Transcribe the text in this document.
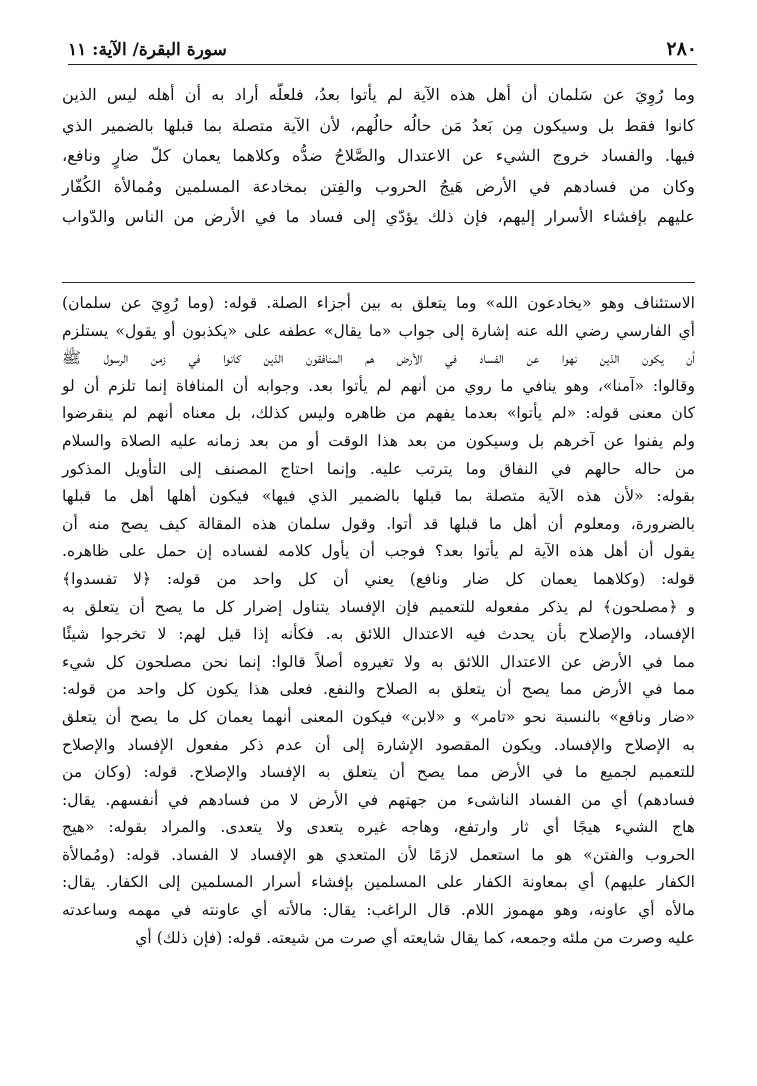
٢٨٠
سورة البقرة/ الآية: ١١

وما رُوِيَ عن سَلمان أن أهل هذه الآية لم يأتوا بعدُ، فلعلّه أراد به أن أهله ليس الذين

كانوا فقط بل وسيكون مِن بَعدُ مَن حالُه حالُهم، لأن الآية متصلة بما قبلها بالضمير الذي

فيها. والفساد خروج الشيء عن الاعتدال والصَّلاحُ ضدُّه وكلاهما يعمان كلّ ضارٍ ونافع،

وكان من فسادهم في الأرض هَيجُ الحروب والفِتن بمخادعة المسلمين ومُمالأة الكُفّار

عليهم بإفشاء الأسرار إليهم، فإن ذلك يؤدّي إلى فساد ما في الأرض من الناس والدّواب

الاستئناف وهو «يخادعون الله» وما يتعلق به بين أجزاء الصلة. قوله: (وما رُوِيَ عن سلمان)

أي الفارسي رضي الله عنه إشارة إلى جواب «ما يقال» عطفه على «يكذبون أو يقول» يستلزم

أن يكون الذين نهوا عن الفساد في الأرض هم المنافقون الذين كانوا في زمن الرسول ﷺ

وقالوا: «آمنا»، وهو ينافي ما روي من أنهم لم يأتوا بعد. وجوابه أن المنافاة إنما تلزم أن لو

كان معنى قوله: «لم يأتوا» بعدما يفهم من ظاهره وليس كذلك، بل معناه أنهم لم ينقرضوا

ولم يفنوا عن آخرهم بل وسيكون من بعد هذا الوقت أو من بعد زمانه عليه الصلاة والسلام

من حاله حالهم في النفاق وما يترتب عليه. وإنما احتاج المصنف إلى التأويل المذكور

بقوله: «لأن هذه الآية متصلة بما قبلها بالضمير الذي فيها» فيكون أهلها أهل ما قبلها

بالضرورة، ومعلوم أن أهل ما قبلها قد أتوا. وقول سلمان هذه المقالة كيف يصح منه أن

يقول أن أهل هذه الآية لم يأتوا بعد؟ فوجب أن يأول كلامه لفساده إن حمل على ظاهره.

قوله: (وكلاهما يعمان كل ضار ونافع) يعني أن كل واحد من قوله: ﴿لا تفسدوا﴾

و ﴿مصلحون﴾ لم يذكر مفعوله للتعميم فإن الإفساد يتناول إضرار كل ما يصح أن يتعلق به

الإفساد، والإصلاح بأن يحدث فيه الاعتدال اللائق به. فكأنه إذا قيل لهم: لا تخرجوا شيئًا

مما في الأرض عن الاعتدال اللائق به ولا تغيروه أصلاً قالوا: إنما نحن مصلحون كل شيء

مما في الأرض مما يصح أن يتعلق به الصلاح والنفع. فعلى هذا يكون كل واحد من قوله:

«ضار ونافع» بالنسبة نحو «تامر» و «لابن» فيكون المعنى أنهما يعمان كل ما يصح أن يتعلق

به الإصلاح والإفساد. ويكون المقصود الإشارة إلى أن عدم ذكر مفعول الإفساد والإصلاح

للتعميم لجميع ما في الأرض مما يصح أن يتعلق به الإفساد والإصلاح. قوله: (وكان من

فسادهم) أي من الفساد الناشىء من جهتهم في الأرض لا من فسادهم في أنفسهم. يقال:

هاج الشيء هيجًا أي ثار وارتفع، وهاجه غيره يتعدى ولا يتعدى. والمراد بقوله: «هيج

الحروب والفتن» هو ما استعمل لازمًا لأن المتعدي هو الإفساد لا الفساد. قوله: (ومُمالأة

الكفار عليهم) أي بمعاونة الكفار على المسلمين بإفشاء أسرار المسلمين إلى الكفار. يقال:

مالأه أي عاونه، وهو مهموز اللام. قال الراغب: يقال: مالأته أي عاونته في مهمه وساعدته

عليه وصرت من ملئه وجمعه، كما يقال شايعته أي صرت من شيعته. قوله: (فإن ذلك) أي
